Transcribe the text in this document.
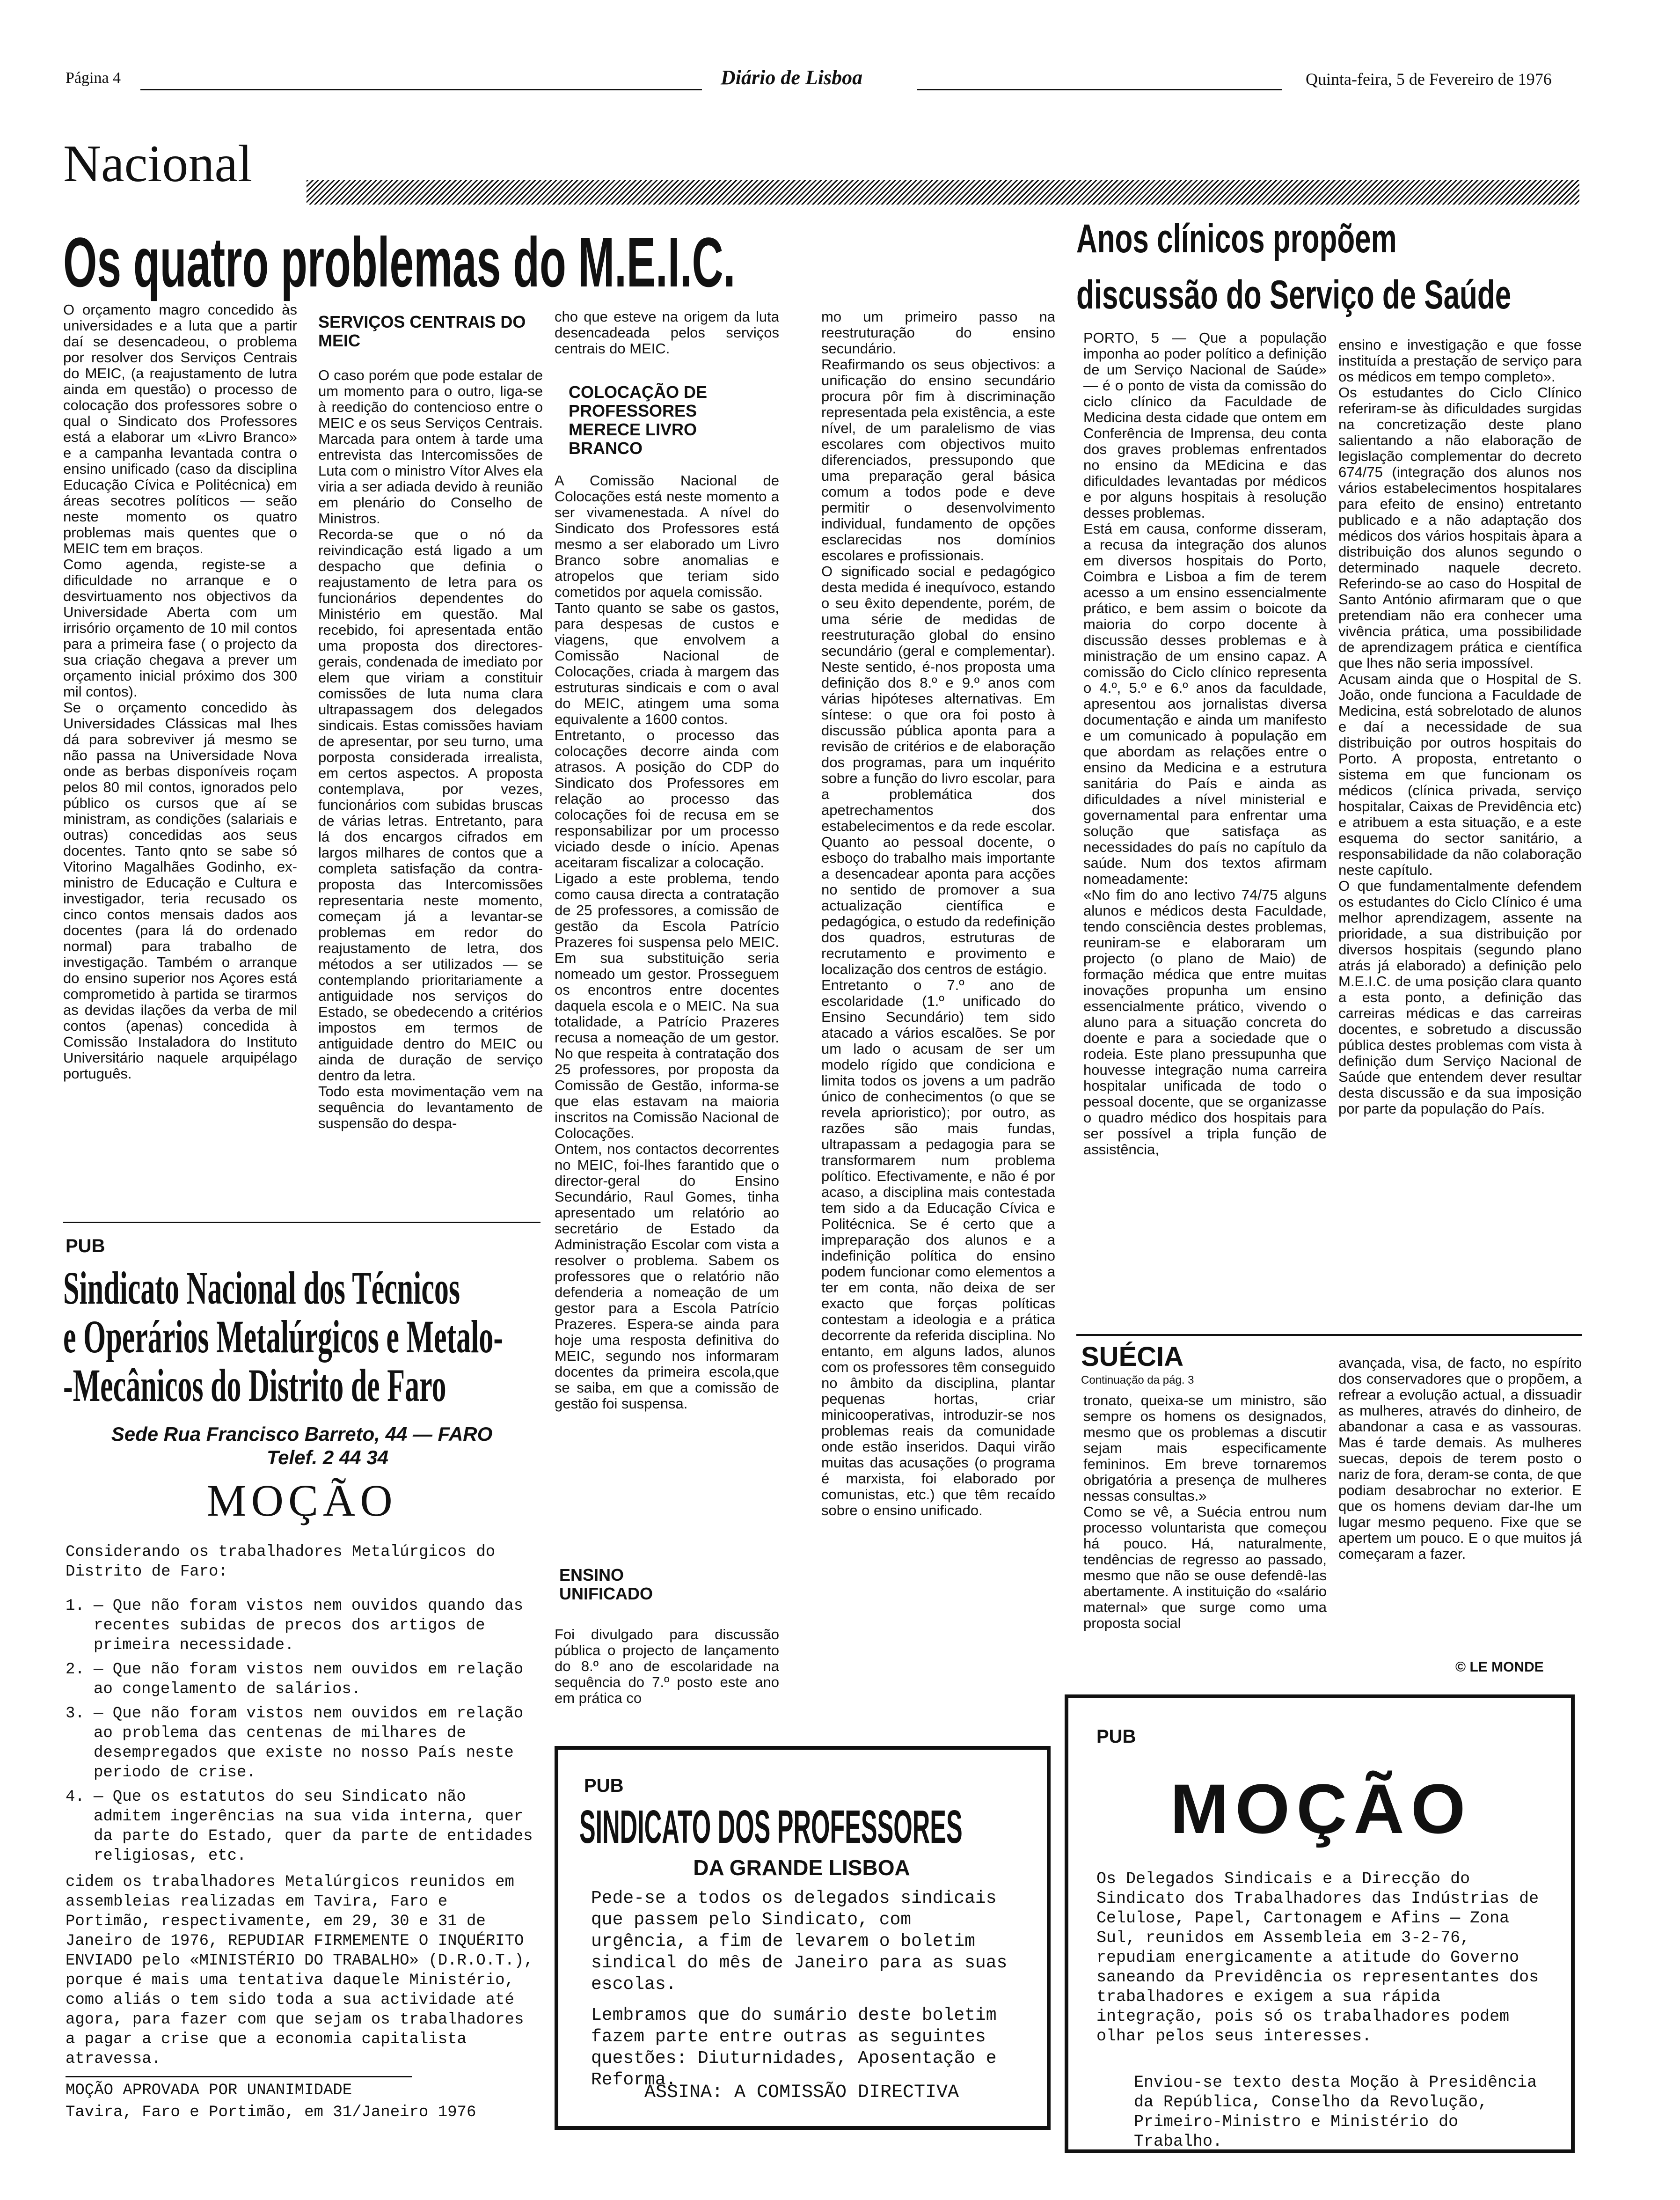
Página 4	Diário de Lisboa	Quinta-feira, 5 de Fevereiro de 1976
Nacional
Os quatro problemas do M.E.I.C.
O orçamento magro concedido às universidades e a luta que a partir daí se desencadeou, o problema por resolver dos Serviços Centrais do MEIC, (a reajustamento de lutra ainda em questão) o processo de colocação dos professores sobre o qual o Sindicato dos Professores está a elaborar um «Livro Branco» e a campanha levantada contra o ensino unificado (caso da disciplina Educação Cívica e Politécnica) em áreas secotres políticos — seão neste momento os quatro problemas mais quentes que o MEIC tem em braços.
Como agenda, registe-se a dificuldade no arranque e o desvirtuamento nos objectivos da Universidade Aberta com um irrisório orçamento de 10 mil contos para a primeira fase ( o projecto da sua criação chegava a prever um orçamento inicial próximo dos 300 mil contos).
Se o orçamento concedido às Universidades Clássicas mal lhes dá para sobreviver já mesmo se não passa na Universidade Nova onde as berbas disponíveis roçam pelos 80 mil contos, ignorados pelo público os cursos que aí se ministram, as condições (salariais e outras) concedidas aos seus docentes. Tanto qnto se sabe só Vitorino Magalhães Godinho, ex-ministro de Educação e Cultura e investigador, teria recusado os cinco contos mensais dados aos docentes (para lá do ordenado normal) para trabalho de investigação. Também o arranque do ensino superior nos Açores está comprometido à partida se tirarmos as devidas ilações da verba de mil contos (apenas) concedida à Comissão Instaladora do Instituto Universitário naquele arquipélago português.
SERVIÇOS CENTRAIS DO MEIC
O caso porém que pode estalar de um momento para o outro, liga-se à reedição do contencioso entre o MEIC e os seus Serviços Centrais. Marcada para ontem à tarde uma entrevista das Intercomissões de Luta com o ministro Vítor Alves ela viria a ser adiada devido à reunião em plenário do Conselho de Ministros.
Recorda-se que o nó da reivindicação está ligado a um despacho que definia o reajustamento de letra para os funcionários dependentes do Ministério em questão. Mal recebido, foi apresentada então uma proposta dos directores-gerais, condenada de imediato por elem que viriam a constituir comissões de luta numa clara ultrapassagem dos delegados sindicais. Estas comissões haviam de apresentar, por seu turno, uma porposta considerada irrealista, em certos aspectos. A proposta contemplava, por vezes, funcionários com subidas bruscas de várias letras. Entretanto, para lá dos encargos cifrados em largos milhares de contos que a completa satisfação da contra-proposta das Intercomissões representaria neste momento, começam já a levantar-se problemas em redor do reajustamento de letra, dos métodos a ser utilizados — se contemplando prioritariamente a antiguidade nos serviços do Estado, se obedecendo a critérios impostos em termos de antiguidade dentro do MEIC ou ainda de duração de serviço dentro da letra.
Todo esta movimentação vem na sequência do levantamento de suspensão do despa-
cho que esteve na origem da luta desencadeada pelos serviços centrais do MEIC.
COLOCAÇÃO DE PROFESSORES MERECE LIVRO BRANCO
A Comissão Nacional de Colocações está neste momento a ser vivamenestada. A nível do Sindicato dos Professores está mesmo a ser elaborado um Livro Branco sobre anomalias e atropelos que teriam sido cometidos por aquela comissão.
Tanto quanto se sabe os gastos, para despesas de custos e viagens, que envolvem a Comissão Nacional de Colocações, criada à margem das estruturas sindicais e com o aval do MEIC, atingem uma soma equivalente a 1600 contos.
Entretanto, o processo das colocações decorre ainda com atrasos. A posição do CDP do Sindicato dos Professores em relação ao processo das colocações foi de recusa em se responsabilizar por um processo viciado desde o início. Apenas aceitaram fiscalizar a colocação.
Ligado a este problema, tendo como causa directa a contratação de 25 professores, a comissão de gestão da Escola Patrício Prazeres foi suspensa pelo MEIC. Em sua substituição seria nomeado um gestor. Prosseguem os encontros entre docentes daquela escola e o MEIC. Na sua totalidade, a Patrício Prazeres recusa a nomeação de um gestor. No que respeita à contratação dos 25 professores, por proposta da Comissão de Gestão, informa-se que elas estavam na maioria inscritos na Comissão Nacional de Colocações.
Ontem, nos contactos decorrentes no MEIC, foi-lhes farantido que o director-geral do Ensino Secundário, Raul Gomes, tinha apresentado um relatório ao secretário de Estado da Administração Escolar com vista a resolver o problema. Sabem os professores que o relatório não defenderia a nomeação de um gestor para a Escola Patrício Prazeres. Espera-se ainda para hoje uma resposta definitiva do MEIC, segundo nos informaram docentes da primeira escola,que se saiba, em que a comissão de gestão foi suspensa.
ENSINO UNIFICADO
Foi divulgado para discussão pública o projecto de lançamento do 8.º ano de escolaridade na sequência do 7.º posto este ano em prática co
mo um primeiro passo na reestruturação do ensino secundário.
Reafirmando os seus objectivos: a unificação do ensino secundário procura pôr fim à discriminação representada pela existência, a este nível, de um paralelismo de vias escolares com objectivos muito diferenciados, pressupondo que uma preparação geral básica comum a todos pode e deve permitir o desenvolvimento individual, fundamento de opções esclarecidas nos domínios escolares e profissionais.
O significado social e pedagógico desta medida é inequívoco, estando o seu êxito dependente, porém, de uma série de medidas de reestruturação global do ensino secundário (geral e complementar). Neste sentido, é-nos proposta uma definição dos 8.º e 9.º anos com várias hipóteses alternativas. Em síntese: o que ora foi posto à discussão pública aponta para a revisão de critérios e de elaboração dos programas, para um inquérito sobre a função do livro escolar, para a problemática dos apetrechamentos dos estabelecimentos e da rede escolar. Quanto ao pessoal docente, o esboço do trabalho mais importante a desencadear aponta para acções no sentido de promover a sua actualização científica e pedagógica, o estudo da redefinição dos quadros, estruturas de recrutamento e provimento e localização dos centros de estágio.
Entretanto o 7.º ano de escolaridade (1.º unificado do Ensino Secundário) tem sido atacado a vários escalões. Se por um lado o acusam de ser um modelo rígido que condiciona e limita todos os jovens a um padrão único de conhecimentos (o que se revela aprioristico); por outro, as razões são mais fundas, ultrapassam a pedagogia para se transformarem num problema político. Efectivamente, e não é por acaso, a disciplina mais contestada tem sido a da Educação Cívica e Politécnica. Se é certo que a impreparação dos alunos e a indefinição política do ensino podem funcionar como elementos a ter em conta, não deixa de ser exacto que forças políticas contestam a ideologia e a prática decorrente da referida disciplina. No entanto, em alguns lados, alunos com os professores têm conseguido no âmbito da disciplina, plantar pequenas hortas, criar minicooperativas, introduzir-se nos problemas reais da comunidade onde estão inseridos. Daqui virão muitas das acusações (o programa é marxista, foi elaborado por comunistas, etc.) que têm recaído sobre o ensino unificado.
Anos clínicos propõem
discussão do Serviço de Saúde
PORTO, 5 — Que a população imponha ao poder político a definição de um Serviço Nacional de Saúde» — é o ponto de vista da comissão do ciclo clínico da Faculdade de Medicina desta cidade que ontem em Conferência de Imprensa, deu conta dos graves problemas enfrentados no ensino da MEdicina e das dificuldades levantadas por médicos e por alguns hospitais à resolução desses problemas.
Está em causa, conforme disseram, a recusa da integração dos alunos em diversos hospitais do Porto, Coimbra e Lisboa a fim de terem acesso a um ensino essencialmente prático, e bem assim o boicote da maioria do corpo docente à discussão desses problemas e à ministração de um ensino capaz. A comissão do Ciclo clínico representa o 4.º, 5.º e 6.º anos da faculdade, apresentou aos jornalistas diversa documentação e ainda um manifesto e um comunicado à população em que abordam as relações entre o ensino da Medicina e a estrutura sanitária do País e ainda as dificuldades a nível ministerial e governamental para enfrentar uma solução que satisfaça as necessidades do país no capítulo da saúde. Num dos textos afirmam nomeadamente:
«No fim do ano lectivo 74/75 alguns alunos e médicos desta Faculdade, tendo consciência destes problemas, reuniram-se e elaboraram um projecto (o plano de Maio) de formação médica que entre muitas inovações propunha um ensino essencialmente prático, vivendo o aluno para a situação concreta do doente e para a sociedade que o rodeia. Este plano pressupunha que houvesse integração numa carreira hospitalar unificada de todo o pessoal docente, que se organizasse o quadro médico dos hospitais para ser possível a tripla função de assistência,
ensino e investigação e que fosse instituída a prestação de serviço para os médicos em tempo completo».
Os estudantes do Ciclo Clínico referiram-se às dificuldades surgidas na concretização deste plano salientando a não elaboração de legislação complementar do decreto 674/75 (integração dos alunos nos vários estabelecimentos hospitalares para efeito de ensino) entretanto publicado e a não adaptação dos médicos dos vários hospitais àpara a distribuição dos alunos segundo o determinado naquele decreto. Referindo-se ao caso do Hospital de Santo António afirmaram que o que pretendiam não era conhecer uma vivência prática, uma possibilidade de aprendizagem prática e científica que lhes não seria impossível.
Acusam ainda que o Hospital de S. João, onde funciona a Faculdade de Medicina, está sobrelotado de alunos e daí a necessidade de sua distribuição por outros hospitais do Porto. A proposta, entretanto o sistema em que funcionam os médicos (clínica privada, serviço hospitalar, Caixas de Previdência etc) e atribuem a esta situação, e a este esquema do sector sanitário, a responsabilidade da não colaboração neste capítulo.
O que fundamentalmente defendem os estudantes do Ciclo Clínico é uma melhor aprendizagem, assente na prioridade, a sua distribuição por diversos hospitais (segundo plano atrás já elaborado) a definição pelo M.E.I.C. de uma posição clara quanto a esta ponto, a definição das carreiras médicas e das carreiras docentes, e sobretudo a discussão pública destes problemas com vista à definição dum Serviço Nacional de Saúde que entendem dever resultar desta discussão e da sua imposição por parte da população do País.
SUÉCIA
Continuação da pág. 3
tronato, queixa-se um ministro, são sempre os homens os designados, mesmo que os problemas a discutir sejam mais especificamente femininos. Em breve tornaremos obrigatória a presença de mulheres nessas consultas.»
Como se vê, a Suécia entrou num processo voluntarista que começou há pouco. Há, naturalmente, tendências de regresso ao passado, mesmo que não se ouse defendê-las abertamente. A instituição do «salário maternal» que surge como uma proposta social
avançada, visa, de facto, no espírito dos conservadores que o propõem, a refrear a evolução actual, a dissuadir as mulheres, através do dinheiro, de abandonar a casa e as vassouras. Mas é tarde demais. As mulheres suecas, depois de terem posto o nariz de fora, deram-se conta, de que podiam desabrochar no exterior. E que os homens deviam dar-lhe um lugar mesmo pequeno. Fixe que se apertem um pouco. E o que muitos já começaram a fazer.
© LE MONDE
PUB
Sindicato Nacional dos Técnicos
e Operários Metalúrgicos e Metalo-
-Mecânicos do Distrito de Faro
Sede Rua Francisco Barreto, 44 — FARO
Telef. 2 44 34
MOÇÃO
Considerando os trabalhadores Metalúrgicos do Distrito de Faro:
1. — Que não foram vistos nem ouvidos quando das recentes subidas de precos dos artigos de primeira necessidade.
2. — Que não foram vistos nem ouvidos em relação ao congelamento de salários.
3. — Que não foram vistos nem ouvidos em relação ao problema das centenas de milhares de desempregados que existe no nosso País neste periodo de crise.
4. — Que os estatutos do seu Sindicato não admitem ingerências na sua vida interna, quer da parte do Estado, quer da parte de entidades religiosas, etc.
cidem os trabalhadores Metalúrgicos reunidos em assembleias realizadas em Tavira, Faro e Portimão, respectivamente, em 29, 30 e 31 de Janeiro de 1976, REPUDIAR FIRMEMENTE O INQUÉRITO ENVIADO pelo «MINISTÉRIO DO TRABALHO» (D.R.O.T.), porque é mais uma tentativa daquele Ministério, como aliás o tem sido toda a sua actividade até agora, para fazer com que sejam os trabalhadores a pagar a crise que a economia capitalista atravessa.
MOÇÃO APROVADA POR UNANIMIDADE
Tavira, Faro e Portimão, em 31/Janeiro 1976
PUB
SINDICATO DOS PROFESSORES
DA GRANDE LISBOA
Pede-se a todos os delegados sindicais que passem pelo Sindicato, com urgência, a fim de levarem o boletim sindical do mês de Janeiro para as suas escolas.
Lembramos que do sumário deste boletim fazem parte entre outras as seguintes questões: Diuturnidades, Aposentação e Reforma.
ASSINA: A COMISSÃO DIRECTIVA
PUB
MOÇÃO
Os Delegados Sindicais e a Direcção do Sindicato dos Trabalhadores das Indústrias de Celulose, Papel, Cartonagem e Afins — Zona Sul, reunidos em Assembleia em 3-2-76, repudiam energicamente a atitude do Governo saneando da Previdência os representantes dos trabalhadores e exigem a sua rápida integração, pois só os trabalhadores podem olhar pelos seus interesses.
Enviou-se texto desta Moção à Presidência da República, Conselho da Revolução, Primeiro-Ministro e Ministério do Trabalho.
